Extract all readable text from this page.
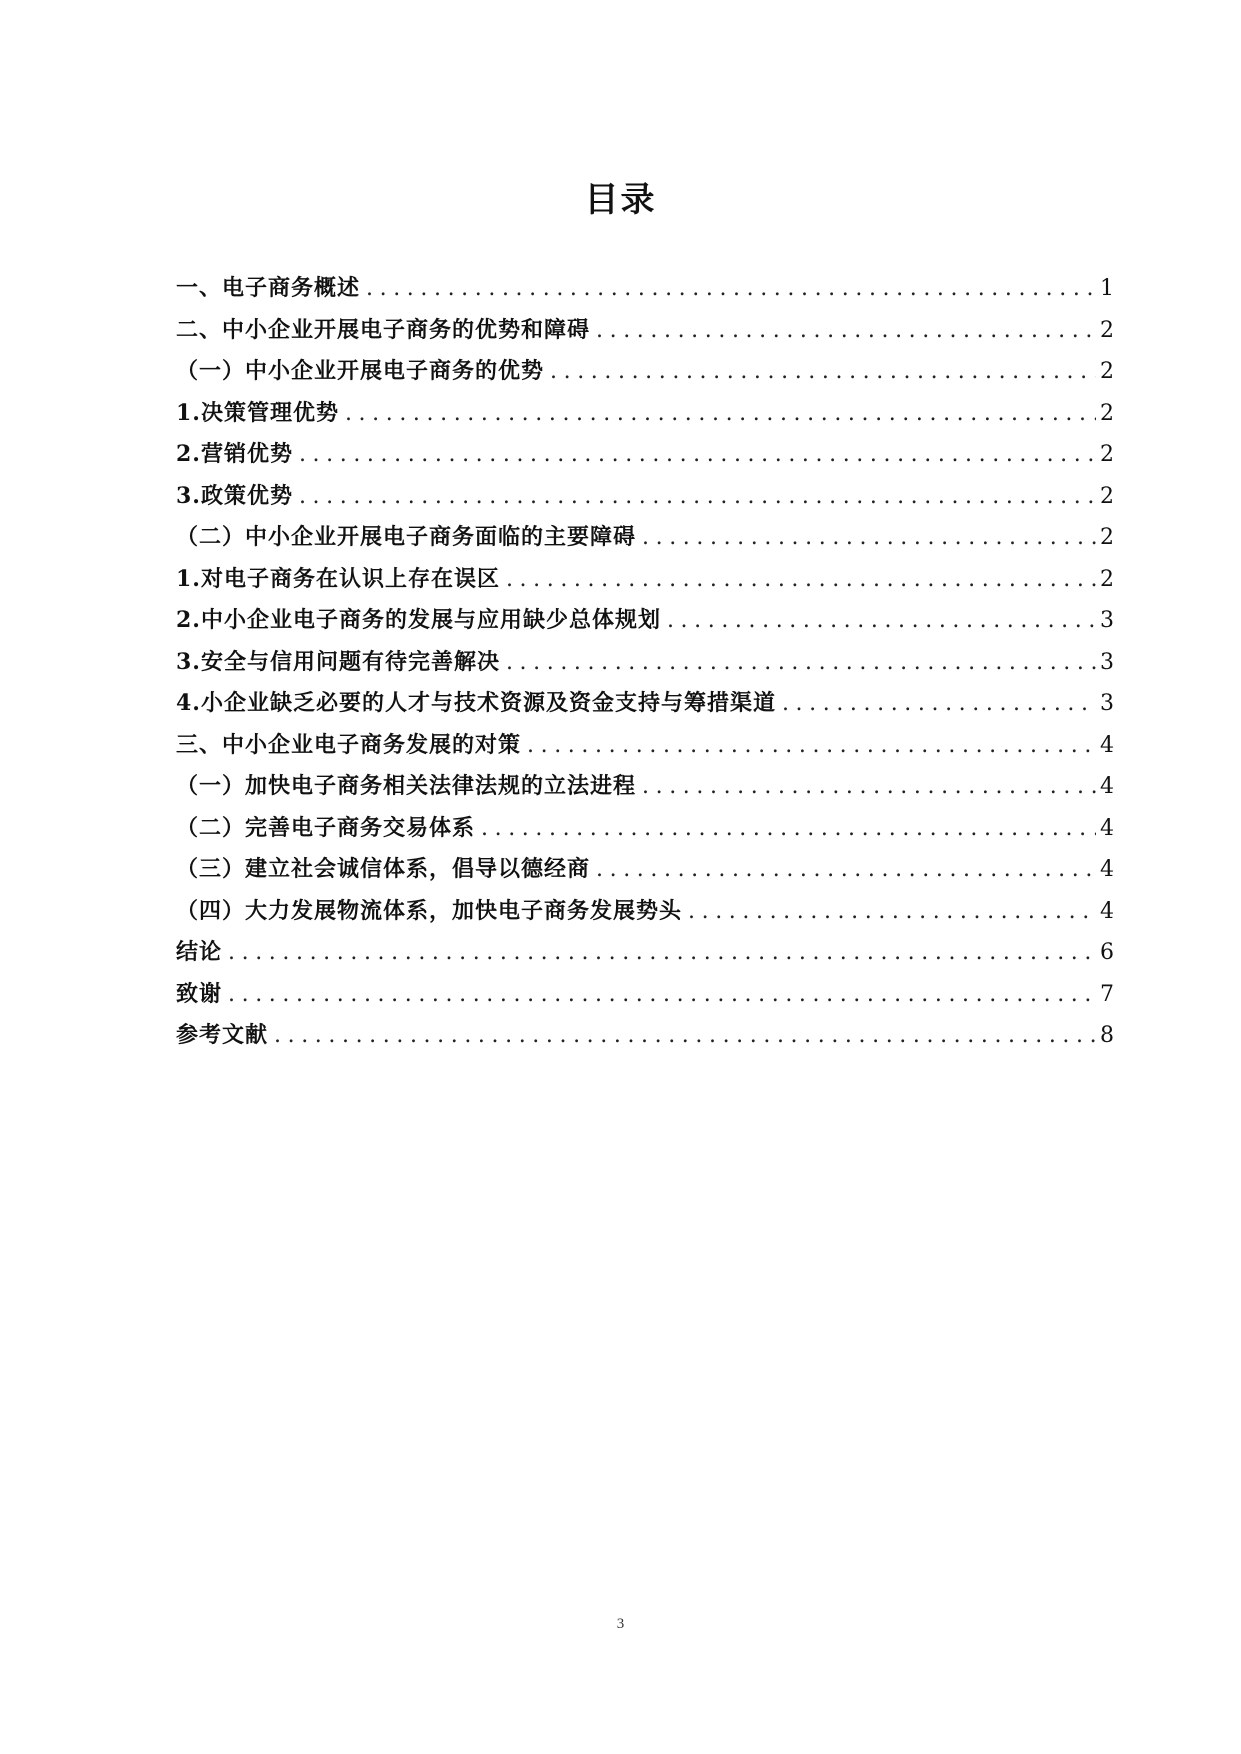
目录
一、电子商务概述 .....	1
二、中小企业开展电子商务的优势和障碍 .....	2
（一）中小企业开展电子商务的优势 .....	2
1.决策管理优势 .....	2
2.营销优势 .....	2
3.政策优势 .....	2
（二）中小企业开展电子商务面临的主要障碍 .....	2
1.对电子商务在认识上存在误区 .....	2
2.中小企业电子商务的发展与应用缺少总体规划 .....	3
3.安全与信用问题有待完善解决 .....	3
4.小企业缺乏必要的人才与技术资源及资金支持与筹措渠道 .....	3
三、中小企业电子商务发展的对策 .....	4
（一）加快电子商务相关法律法规的立法进程 .....	4
（二）完善电子商务交易体系 .....	4
（三）建立社会诚信体系，倡导以德经商 .....	4
（四）大力发展物流体系，加快电子商务发展势头 .....	4
结论 .....	6
致谢 .....	7
参考文献 .....	8
3
